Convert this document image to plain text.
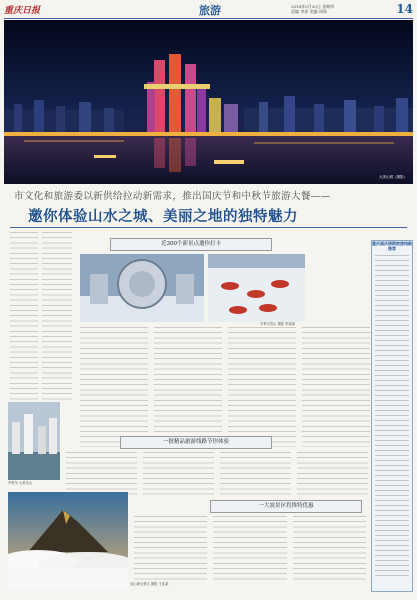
重庆日报	旅游	2018年9月20日 星期四
责编 李祥 美编 胡海	14
大美山城（摄影）
市文化和旅游委以新供给拉动新需求，推出国庆节和中秋节旅游大餐——
邀你体验山水之城、美丽之地的独特魅力
近300个新景点邀你打卡
冬季大雪山 摄影 李某某
中秋节 大美巫山
一批精品旅游线路节你体验
一大波景区将推特优惠
巫山神女景区 摄影 王某某
重庆国庆假期旅游线路推荐
